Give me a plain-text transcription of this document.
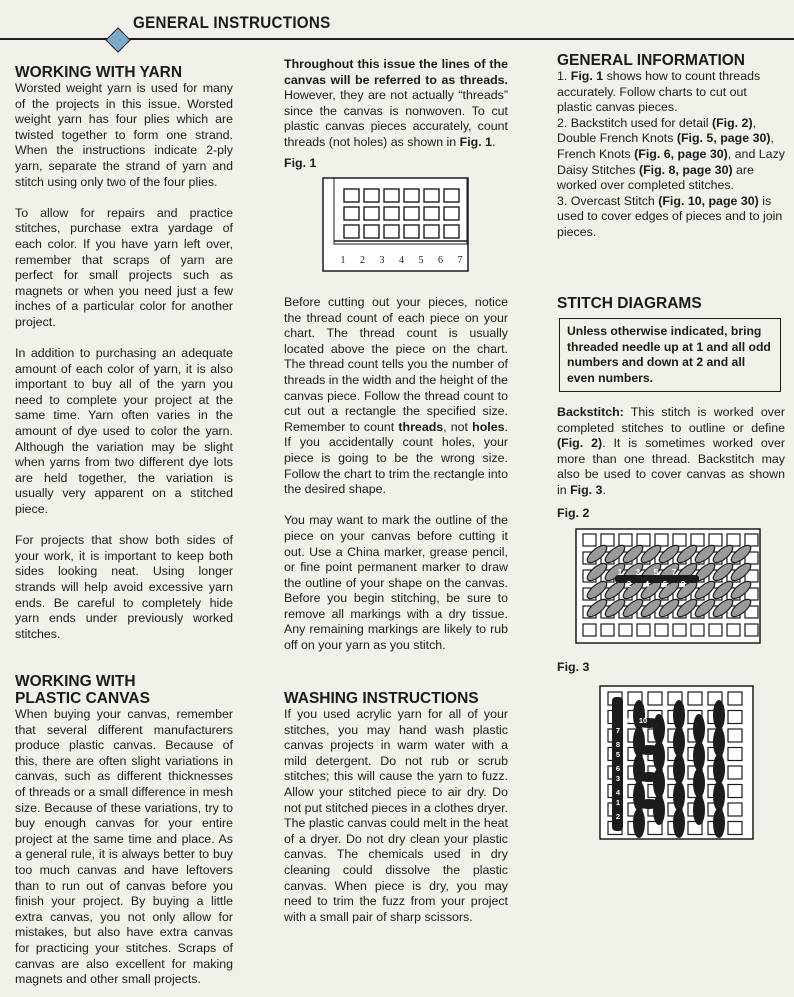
GENERAL INSTRUCTIONS
WORKING WITH YARN

Worsted weight yarn is used for many of the projects in this issue. Worsted weight yarn has four plies which are twisted together to form one strand. When the instructions indicate 2-ply yarn, separate the strand of yarn and stitch using only two of the four plies.

To allow for repairs and practice stitches, purchase extra yardage of each color. If you have yarn left over, remember that scraps of yarn are perfect for small projects such as magnets or when you need just a few inches of a particular color for another project.

In addition to purchasing an adequate amount of each color of yarn, it is also important to buy all of the yarn you need to complete your project at the same time. Yarn often varies in the amount of dye used to color the yarn. Although the variation may be slight when yarns from two different dye lots are held together, the variation is usually very apparent on a stitched piece.

For projects that show both sides of your work, it is important to keep both sides looking neat. Using longer strands will help avoid excessive yarn ends. Be careful to completely hide yarn ends under previously worked stitches.

WORKING WITH
PLASTIC CANVAS

When buying your canvas, remember that several different manufacturers produce plastic canvas. Because of this, there are often slight variations in canvas, such as different thicknesses of threads or a small difference in mesh size. Because of these variations, try to buy enough canvas for your entire project at the same time and place. As a general rule, it is always better to buy too much canvas and have leftovers than to run out of canvas before you finish your project. By buying a little extra canvas, you not only allow for mistakes, but also have extra canvas for practicing your stitches. Scraps of canvas are also excellent for making magnets and other small projects.

Throughout this issue the lines of the canvas will be referred to as threads. However, they are not actually “threads” since the canvas is nonwoven. To cut plastic canvas pieces accurately, count threads (not holes) as shown in Fig. 1.

Fig. 1
1 2 3 4 5 6 7

Before cutting out your pieces, notice the thread count of each piece on your chart. The thread count is usually located above the piece on the chart. The thread count tells you the number of threads in the width and the height of the canvas piece. Follow the thread count to cut out a rectangle the specified size. Remember to count threads, not holes. If you accidentally count holes, your piece is going to be the wrong size. Follow the chart to trim the rectangle into the desired shape.

You may want to mark the outline of the piece on your canvas before cutting it out. Use a China marker, grease pencil, or fine point permanent marker to draw the outline of your shape on the canvas. Before you begin stitching, be sure to remove all markings with a dry tissue. Any remaining markings are likely to rub off on your yarn as you stitch.

WASHING INSTRUCTIONS

If you used acrylic yarn for all of your stitches, you may hand wash plastic canvas projects in warm water with a mild detergent. Do not rub or scrub stitches; this will cause the yarn to fuzz. Allow your stitched piece to air dry. Do not put stitched pieces in a clothes dryer. The plastic canvas could melt in the heat of a dryer. Do not dry clean your plastic canvas. The chemicals used in dry cleaning could dissolve the plastic canvas. When piece is dry, you may need to trim the fuzz from your project with a small pair of sharp scissors.

GENERAL INFORMATION
1. Fig. 1 shows how to count threads accurately. Follow charts to cut out plastic canvas pieces.
2. Backstitch used for detail (Fig. 2), Double French Knots (Fig. 5, page 30), French Knots (Fig. 6, page 30), and Lazy Daisy Stitches (Fig. 8, page 30) are worked over completed stitches.
3. Overcast Stitch (Fig. 10, page 30) is used to cover edges of pieces and to join pieces.
STITCH DIAGRAMS
Unless otherwise indicated, bring threaded needle up at 1 and all odd numbers and down at 2 and all even numbers.

Backstitch: This stitch is worked over completed stitches to outline or define (Fig. 2). It is sometimes worked over more than one thread. Backstitch may also be used to cover canvas as shown in Fig. 3.

Fig. 2
1
2
3
4
5
6
7
8
Fig. 3
1
2
3
4
5
6
7
8
9 10
